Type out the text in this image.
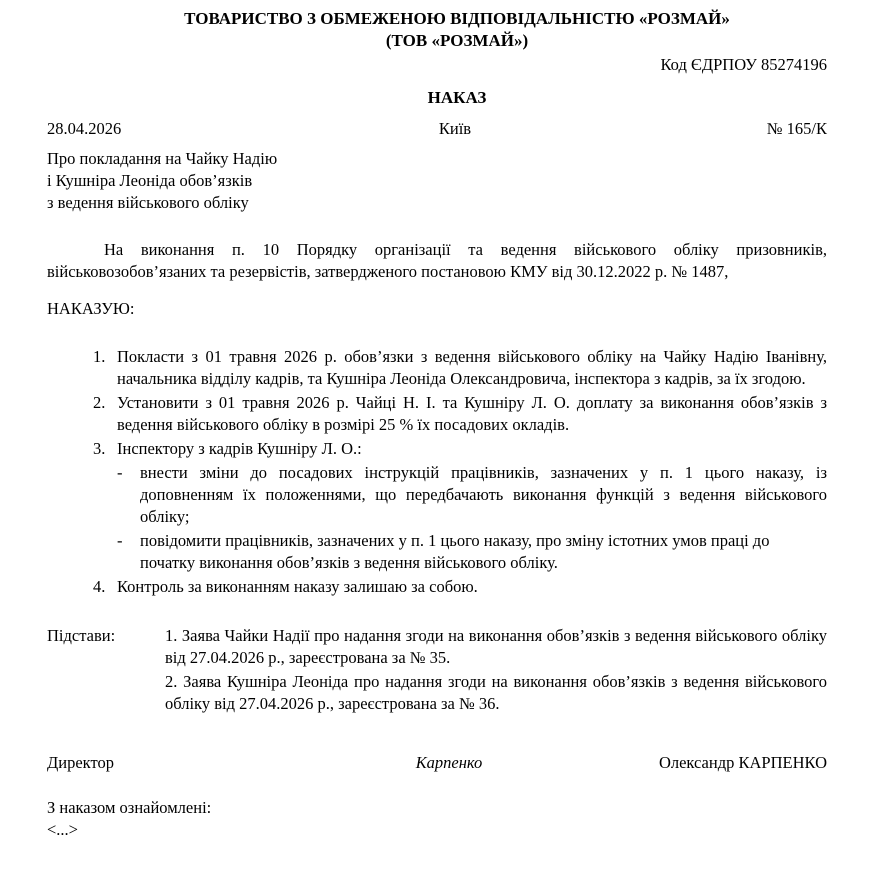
ТОВАРИСТВО З ОБМЕЖЕНОЮ ВІДПОВІДАЛЬНІСТЮ «РОЗМАЙ»
(ТОВ «РОЗМАЙ»)
Код ЄДРПОУ 85274196
НАКАЗ
28.04.2026	Київ	№ 165/К
Про покладання на Чайку Надію
і Кушніра Леоніда обов’язків
з ведення військового обліку
На виконання п. 10 Порядку організації та ведення військового обліку призовників, військовозобов’язаних та резервістів, затвердженого постановою КМУ від 30.12.2022 р. № 1487,
НАКАЗУЮ:
1. Покласти з 01 травня 2026 р. обов’язки з ведення військового обліку на Чайку Надію Іванівну, начальника відділу кадрів, та Кушніра Леоніда Олександровича, інспектора з кадрів, за їх згодою.
2. Установити з 01 травня 2026 р. Чайці Н. І. та Кушніру Л. О. доплату за виконання обов’язків з ведення військового обліку в розмірі 25 % їх посадових окладів.
3. Інспектору з кадрів Кушніру Л. О.:
-	внести зміни до посадових інструкцій працівників, зазначених у п. 1 цього наказу, із доповненням їх положеннями, що передбачають виконання функцій з ведення військового обліку;
-	повідомити працівників, зазначених у п. 1 цього наказу, про зміну істотних умов праці до початку виконання обов’язків з ведення військового обліку.
4. Контроль за виконанням наказу залишаю за собою.
Підстави:	1. Заява Чайки Надії про надання згоди на виконання обов’язків з ведення військового обліку від 27.04.2026 р., зареєстрована за № 35.
2. Заява Кушніра Леоніда про надання згоди на виконання обов’язків з ведення військового обліку від 27.04.2026 р., зареєстрована за № 36.
Директор	Карпенко	Олександр КАРПЕНКО
З наказом ознайомлені:
<...>
